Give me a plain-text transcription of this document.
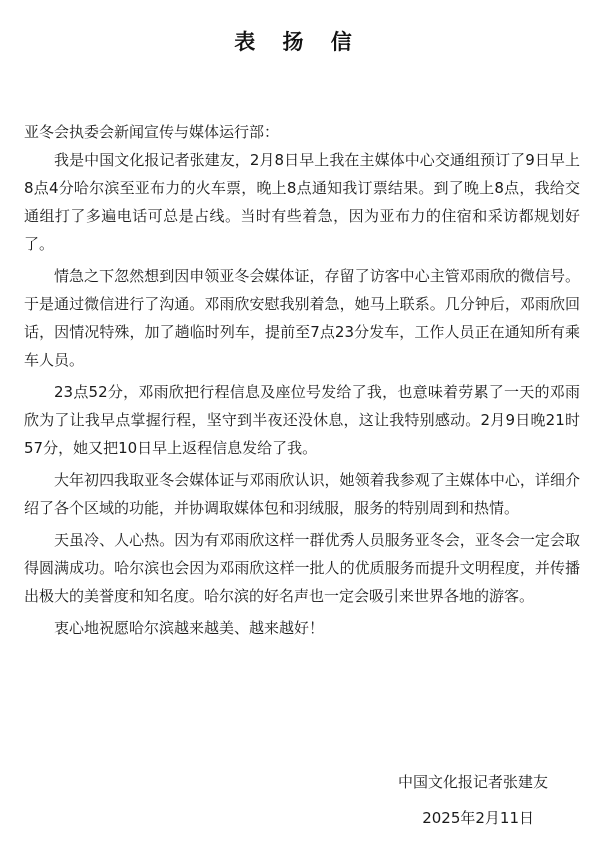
表 扬 信
亚冬会执委会新闻宣传与媒体运行部：

我是中国文化报记者张建友，2月8日早上我在主媒体中心交通组预订了9日早上8点4分哈尔滨至亚布力的火车票，晚上8点通知我订票结果。到了晚上8点，我给交通组打了多遍电话可总是占线。当时有些着急，因为亚布力的住宿和采访都规划好了。

情急之下忽然想到因申领亚冬会媒体证，存留了访客中心主管邓雨欣的微信号。于是通过微信进行了沟通。邓雨欣安慰我别着急，她马上联系。几分钟后，邓雨欣回话，因情况特殊，加了趟临时列车，提前至7点23分发车，工作人员正在通知所有乘车人员。

23点52分，邓雨欣把行程信息及座位号发给了我，也意味着劳累了一天的邓雨欣为了让我早点掌握行程，坚守到半夜还没休息，这让我特别感动。2月9日晚21时57分，她又把10日早上返程信息发给了我。

大年初四我取亚冬会媒体证与邓雨欣认识，她领着我参观了主媒体中心，详细介绍了各个区域的功能，并协调取媒体包和羽绒服，服务的特别周到和热情。

天虽冷、人心热。因为有邓雨欣这样一群优秀人员服务亚冬会，亚冬会一定会取得圆满成功。哈尔滨也会因为邓雨欣这样一批人的优质服务而提升文明程度，并传播出极大的美誉度和知名度。哈尔滨的好名声也一定会吸引来世界各地的游客。

衷心地祝愿哈尔滨越来越美、越来越好！

中国文化报记者张建友
2025年2月11日
